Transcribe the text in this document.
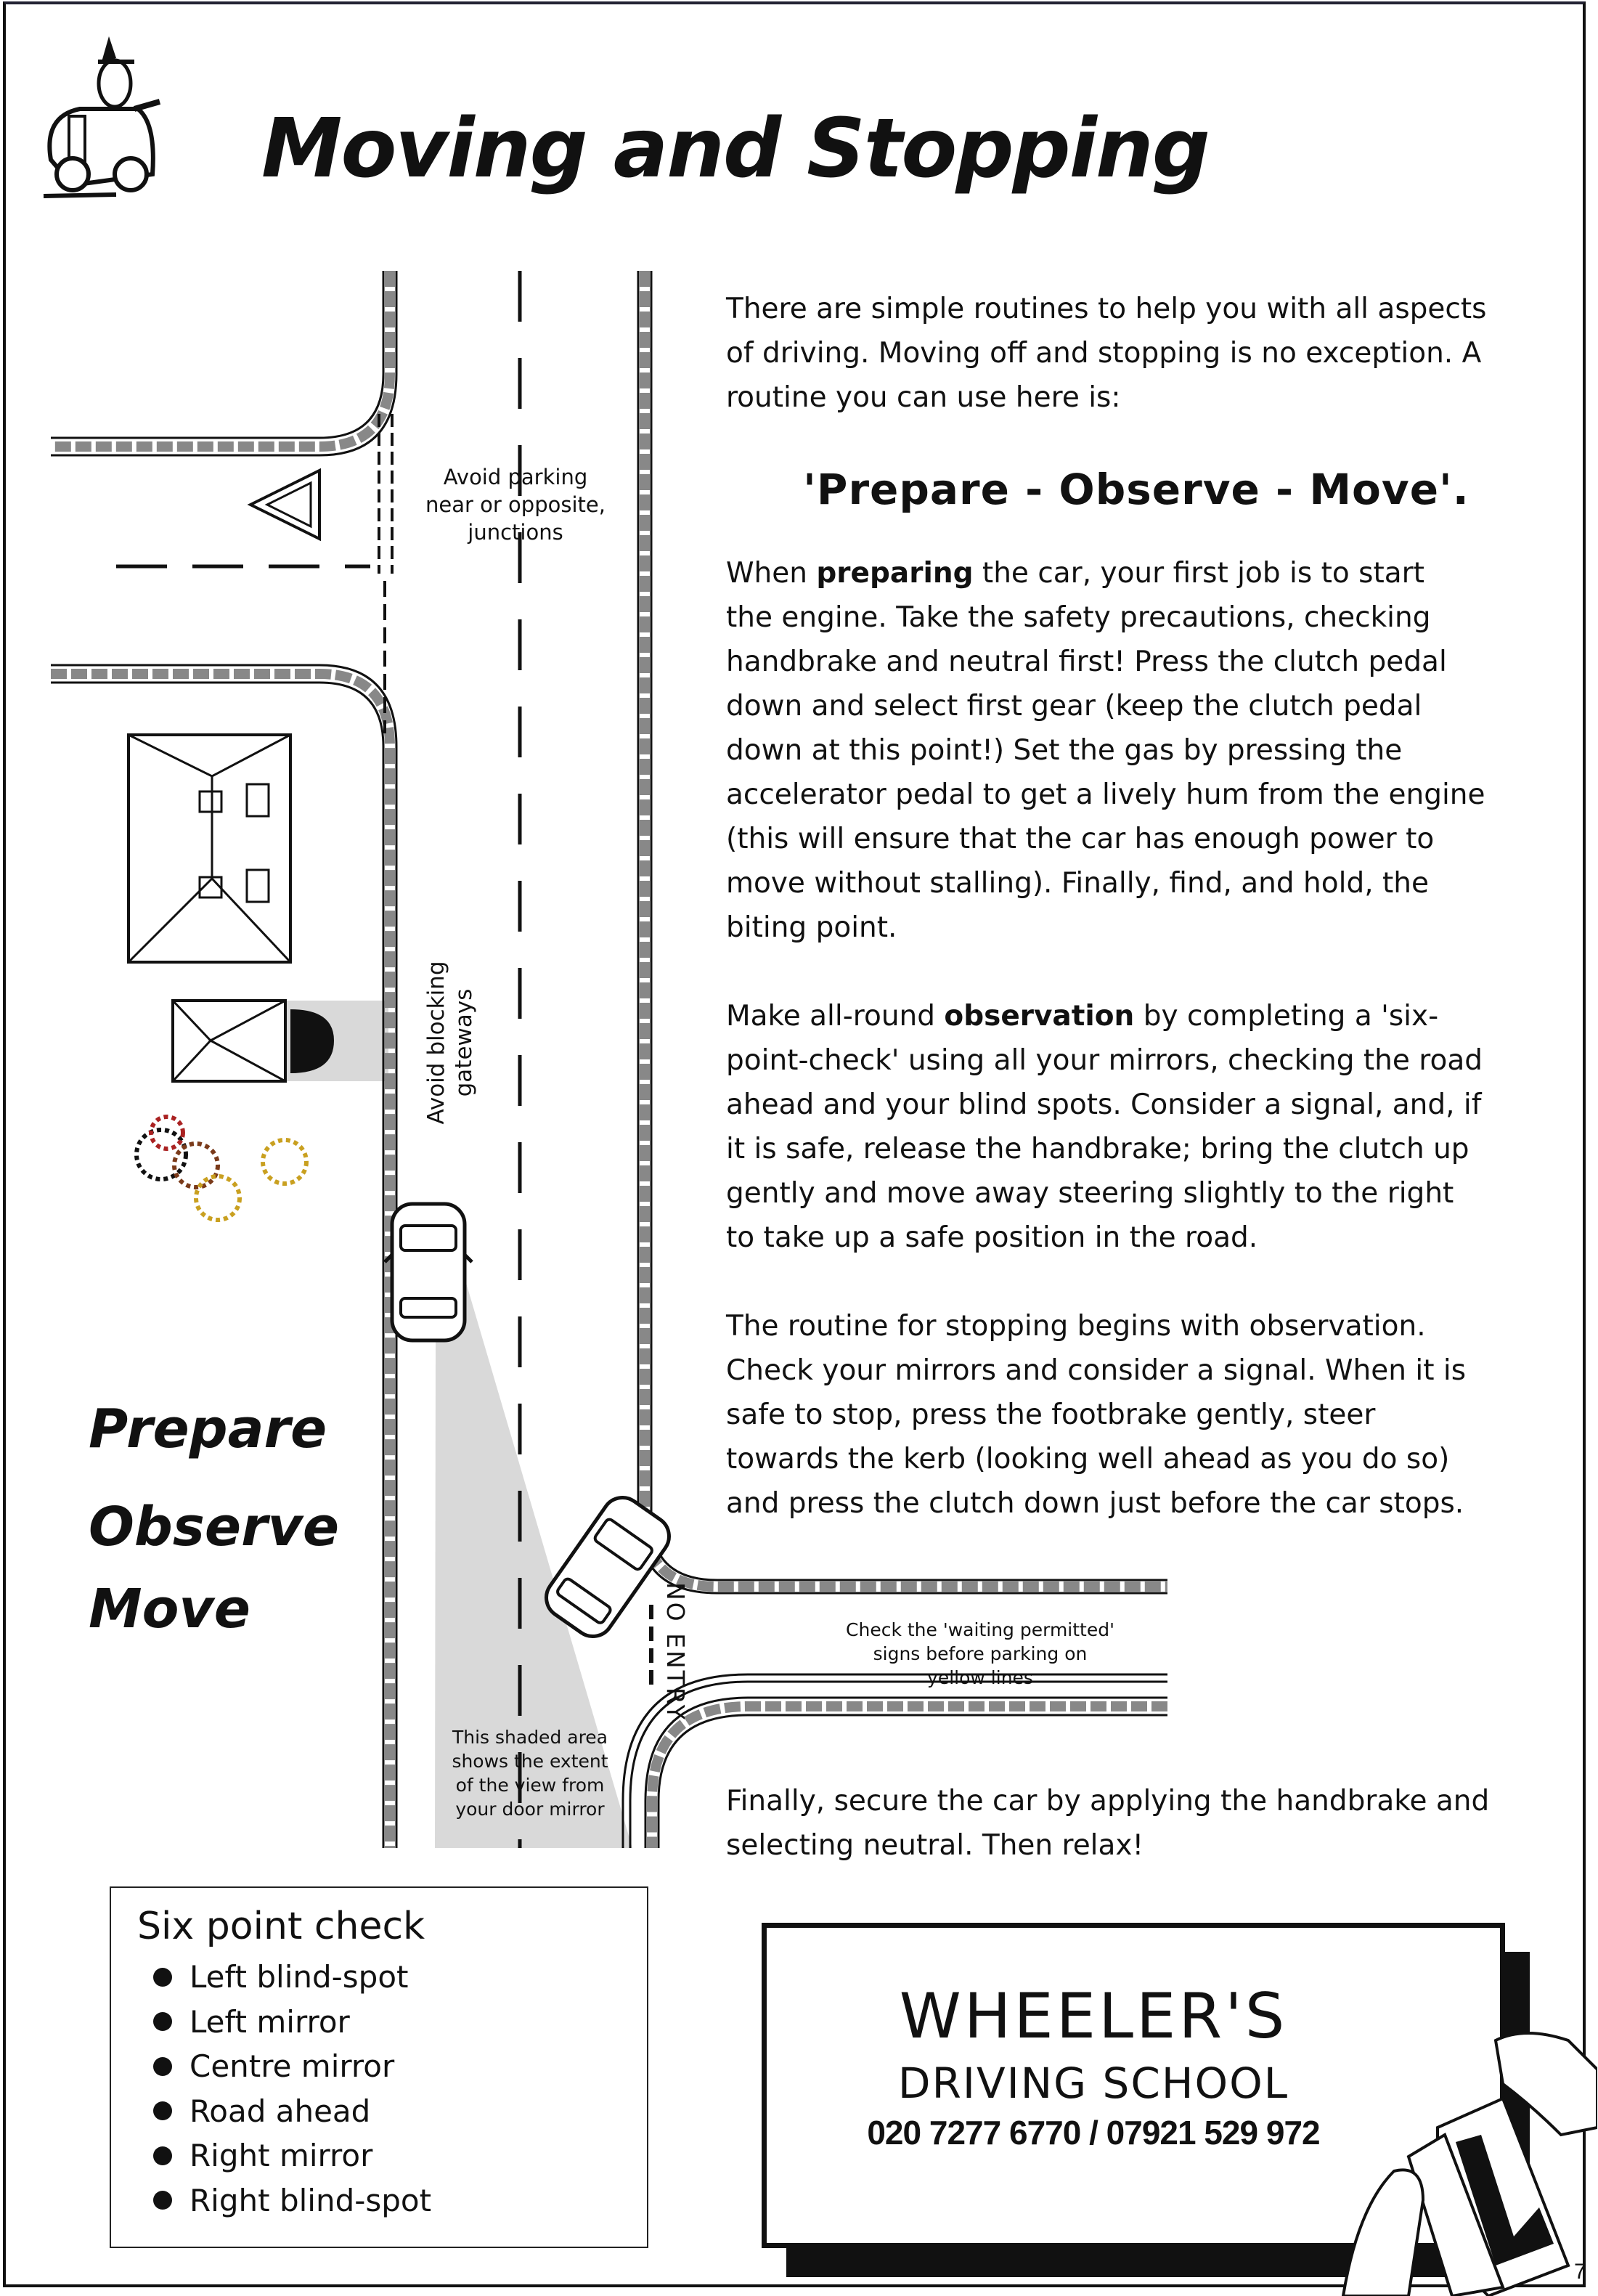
Moving and Stopping
Avoid parking
near or opposite,
junctions
Avoid blocking gateways
NO ENTRY	Check the 'waiting permitted'
signs before parking on
yellow lines
This shaded area
shows the extent
of the view from
your door mirror
Prepare
Observe
Move

There are simple routines to help you with all aspects
of driving. Moving off and stopping is no exception. A
routine you can use here is:

'Prepare - Observe - Move'.

When preparing the car, your first job is to start
the engine. Take the safety precautions, checking
handbrake and neutral first! Press the clutch pedal
down and select first gear (keep the clutch pedal
down at this point!) Set the gas by pressing the
accelerator pedal to get a lively hum from the engine
(this will ensure that the car has enough power to
move without stalling). Finally, find, and hold, the
biting point.

Make all-round observation by completing a 'six-
point-check' using all your mirrors, checking the road
ahead and your blind spots. Consider a signal, and, if
it is safe, release the handbrake; bring the clutch up
gently and move away steering slightly to the right
to take up a safe position in the road.

The routine for stopping begins with observation.
Check your mirrors and consider a signal. When it is
safe to stop, press the footbrake gently, steer
towards the kerb (looking well ahead as you do so)
and press the clutch down just before the car stops.

Finally, secure the car by applying the handbrake and
selecting neutral. Then relax!
Six point check
Left blind-spot
Left mirror
Centre mirror
Road ahead
Right mirror
Right blind-spot
WHEELER'S
DRIVING SCHOOL
020 7277 6770 / 07921 529 972
7
